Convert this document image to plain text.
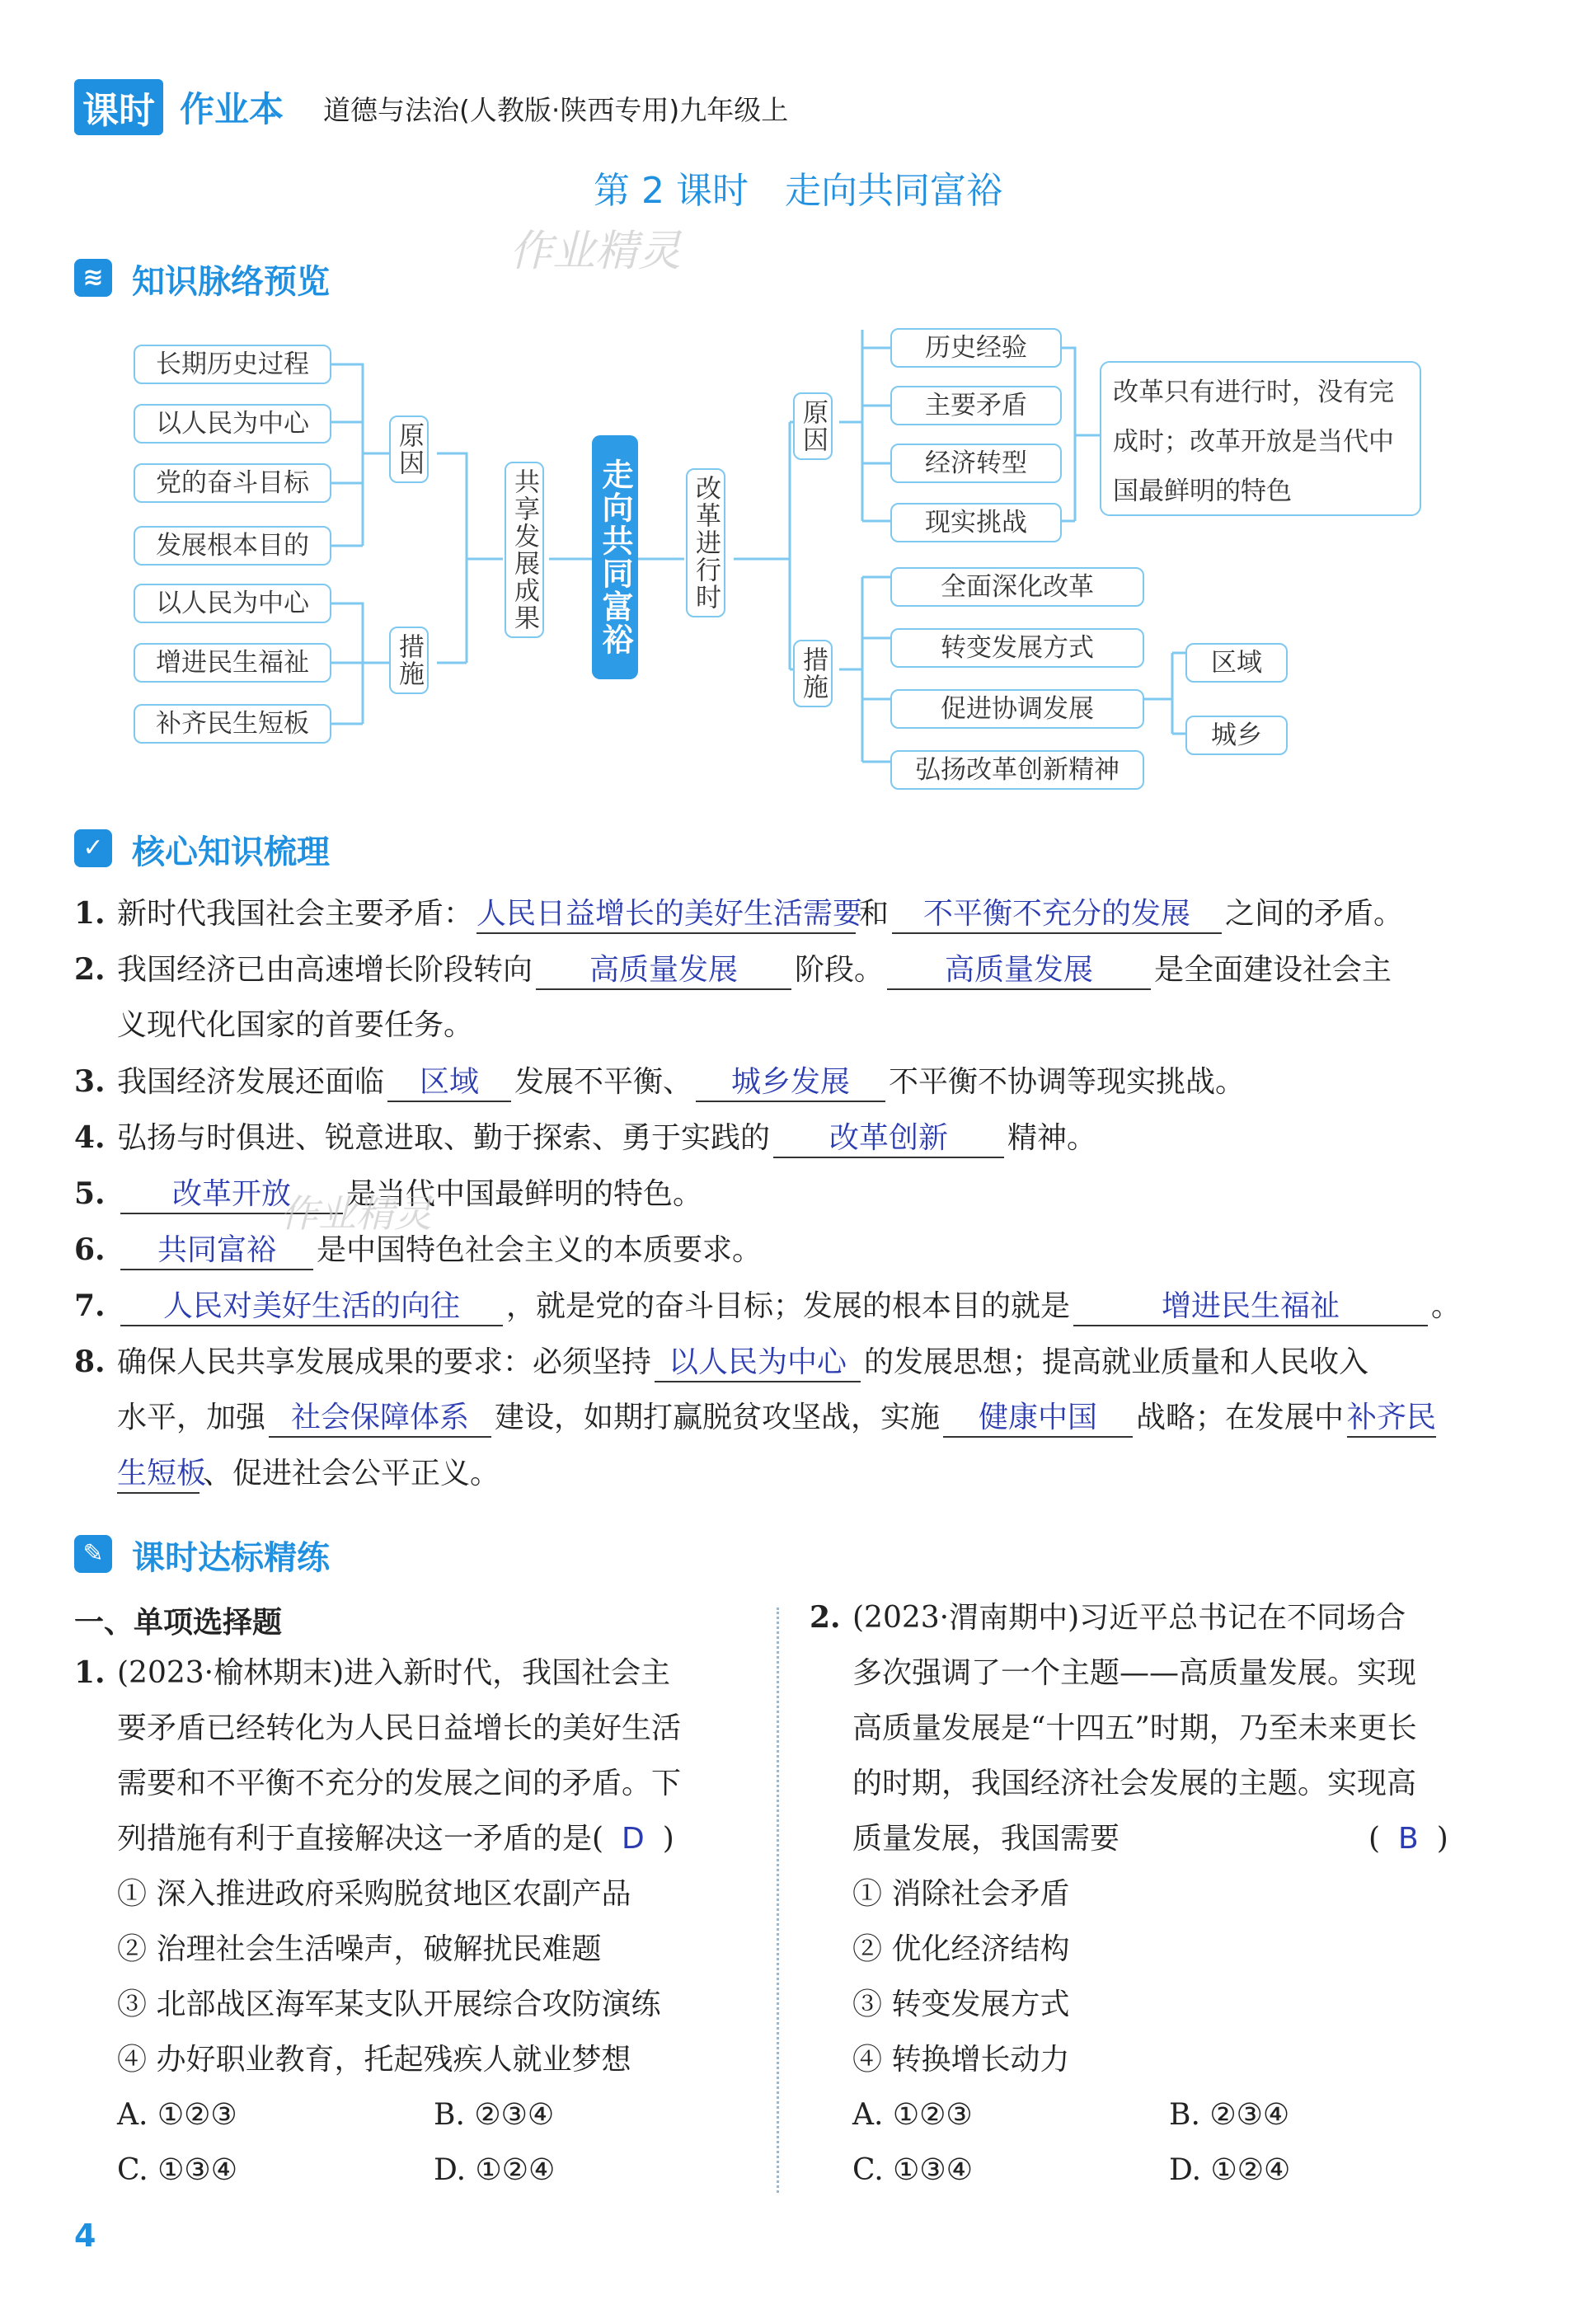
课时 作业本 道德与法治(人教版·陕西专用)九年级上
第 2 课时　走向共同富裕
作业精灵
≋ 知识脉络预览
长期历史过程
以人民为中心
党的奋斗目标
发展根本目的
以人民为中心
增进民生福祉
补齐民生短板
原因
措施
共享发展成果 走向共同富裕 改革进行时
原因
措施
历史经验
主要矛盾
经济转型
现实挑战
改革只有进行时，没有完
成时；改革开放是当代中
国最鲜明的特色
全面深化改革
转变发展方式
促进协调发展
弘扬改革创新精神
区域
城乡
✓ 核心知识梳理
1. 新时代我国社会主要矛盾： 人民日益增长的美好生活需要和 不平衡不充分的发展 之间的矛盾。
2. 我国经济已由高速增长阶段转向 高质量发展 阶段。 高质量发展 是全面建设社会主
义现代化国家的首要任务。
3. 我国经济发展还面临 区域 发展不平衡、 城乡发展 不平衡不协调等现实挑战。
4. 弘扬与时俱进、锐意进取、勤于探索、勇于实践的 改革创新 精神。
5. 改革开放 是当代中国最鲜明的特色。
6. 共同富裕 是中国特色社会主义的本质要求。
7. 人民对美好生活的向往 ，就是党的奋斗目标；发展的根本目的就是	增进民生福祉	。
8. 确保人民共享发展成果的要求：必须坚持 以人民为中心 的发展思想；提高就业质量和人民收入
水平，加强 社会保障体系 建设，如期打赢脱贫攻坚战，实施 健康中国 战略；在发展中 补齐民
生短板、促进社会公平正义。
作业精灵
✎ 课时达标精练
一、单项选择题
1. (2023·榆林期末)进入新时代，我国社会主
要矛盾已经转化为人民日益增长的美好生活
需要和不平衡不充分的发展之间的矛盾。下
列措施有利于直接解决这一矛盾的是( D )
① 深入推进政府采购脱贫地区农副产品
② 治理社会生活噪声，破解扰民难题
③ 北部战区海军某支队开展综合攻防演练
④ 办好职业教育，托起残疾人就业梦想
A. ①②③	B. ②③④
C. ①③④	D. ①②④
2. (2023·渭南期中)习近平总书记在不同场合
多次强调了一个主题——高质量发展。实现
高质量发展是“十四五”时期，乃至未来更长
的时期，我国经济社会发展的主题。实现高
质量发展，我国需要	( B )
① 消除社会矛盾
② 优化经济结构
③ 转变发展方式
④ 转换增长动力
A. ①②③	B. ②③④
C. ①③④	D. ①②④
4
